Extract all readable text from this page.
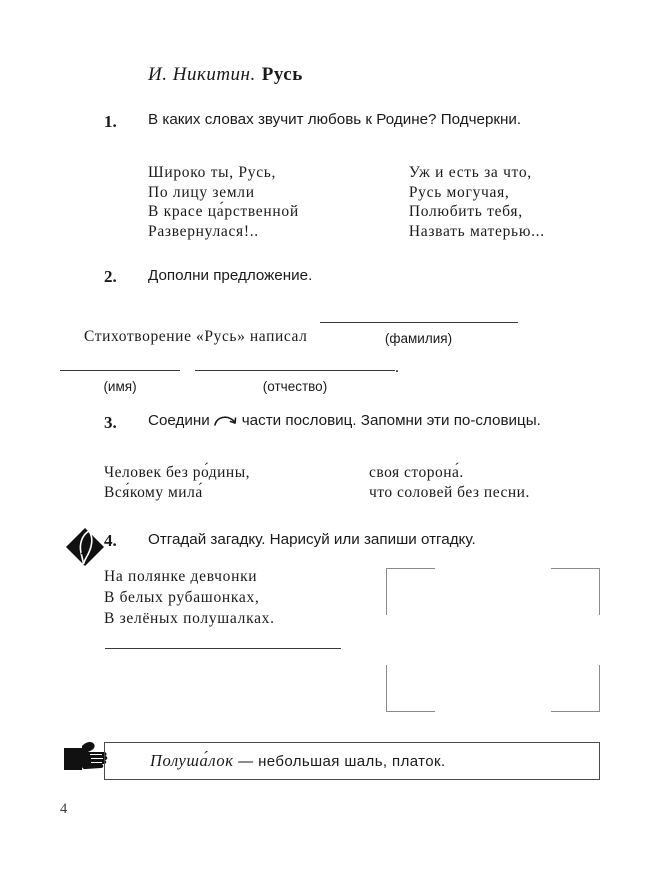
И. Никитин. Русь
1. В каких словах звучит любовь к Родине? Подчеркни.
Широко ты, Русь,
По лицу земли
В красе ца́рственной
Развернулася!..
Уж и есть за что,
Русь могучая,
Полюбить тебя,
Назвать матерью...
2. Дополни предложение.
Стихотворение «Русь» написал	(фамилия)
(имя)	(отчество)
.
3. Соедини части пословиц. Запомни эти по-словицы.
Человек без ро́дины,
Вся́кому мила́
своя сторона́.
что соловей без песни.
4. Отгадай загадку. Нарисуй или запиши отгадку.
На полянке девчонки
В белых рубашонках,
В зелёных полушалках.
Полуша́лок — небольшая шаль, платок.
4
